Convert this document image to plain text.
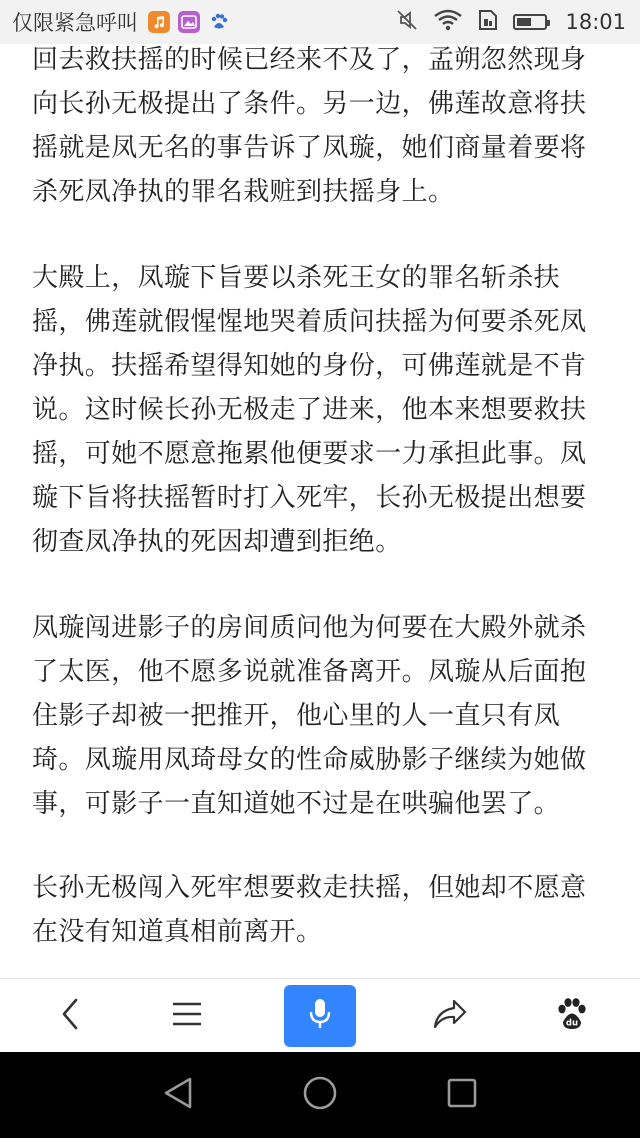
仅限紧急呼叫	18:01

回去救扶摇的时候已经来不及了，孟朔忽然现身向长孙无极提出了条件。另一边，佛莲故意将扶摇就是凤无名的事告诉了凤璇，她们商量着要将杀死凤净执的罪名栽赃到扶摇身上。

大殿上，凤璇下旨要以杀死王女的罪名斩杀扶摇，佛莲就假惺惺地哭着质问扶摇为何要杀死凤净执。扶摇希望得知她的身份，可佛莲就是不肯说。这时候长孙无极走了进来，他本来想要救扶摇，可她不愿意拖累他便要求一力承担此事。凤璇下旨将扶摇暂时打入死牢，长孙无极提出想要彻查凤净执的死因却遭到拒绝。

凤璇闯进影子的房间质问他为何要在大殿外就杀了太医，他不愿多说就准备离开。凤璇从后面抱住影子却被一把推开，他心里的人一直只有凤琦。凤璇用凤琦母女的性命威胁影子继续为她做事，可影子一直知道她不过是在哄骗他罢了。

长孙无极闯入死牢想要救走扶摇，但她却不愿意在没有知道真相前离开。

du
